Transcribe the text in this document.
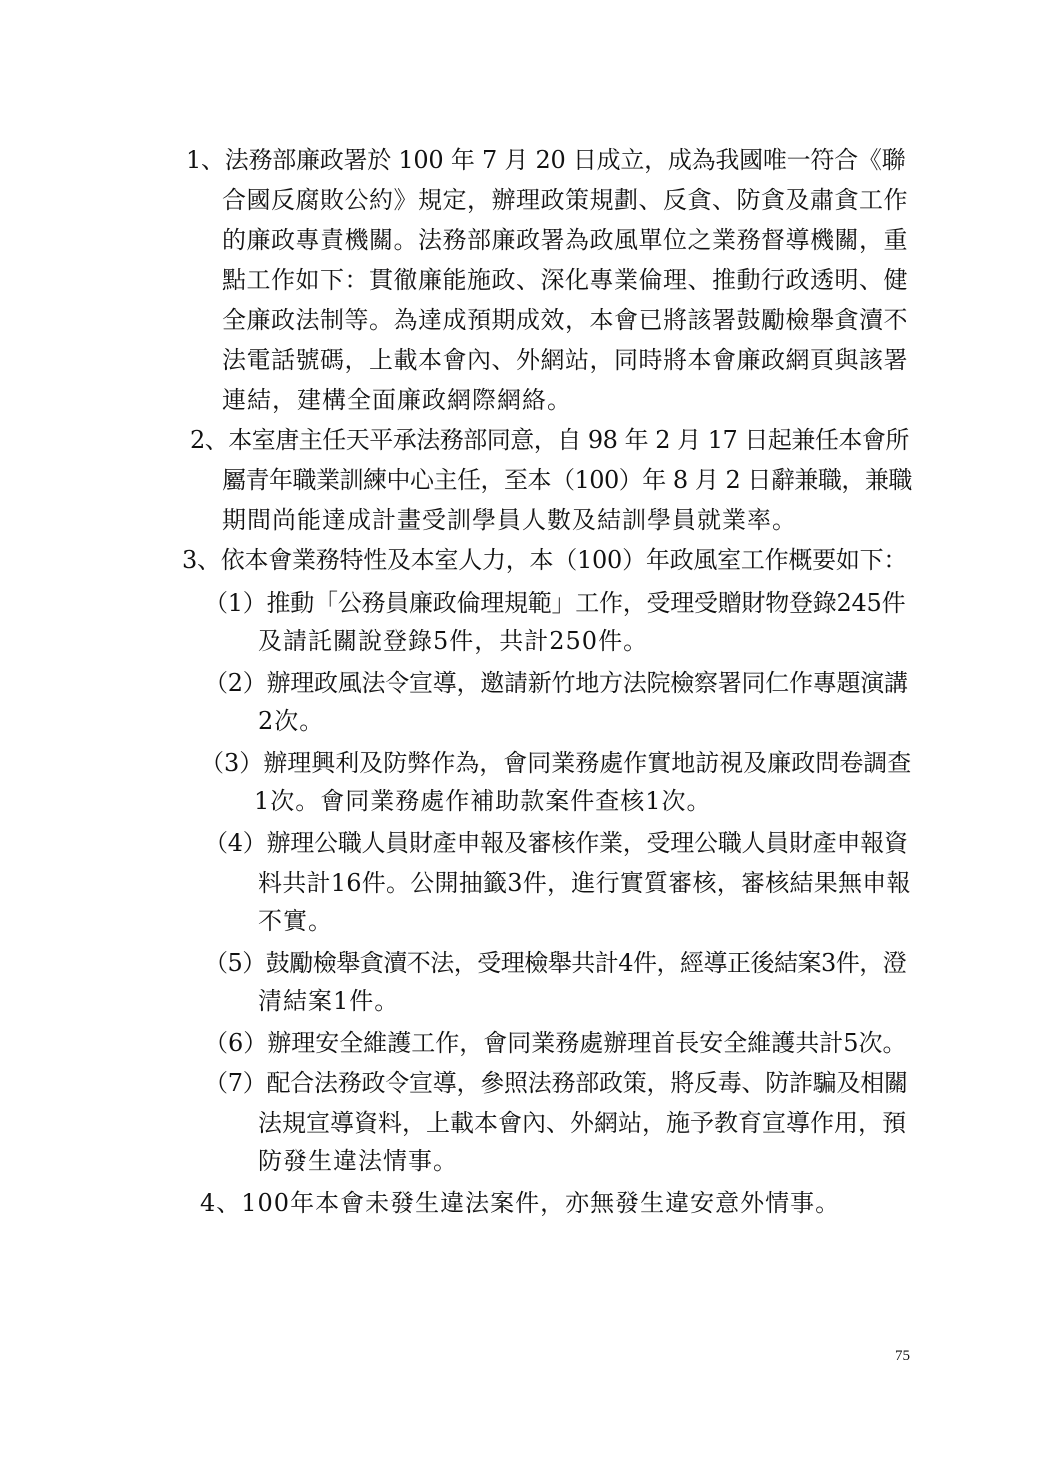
1、法務部廉政署於 100 年 7 月 20 日成立，成為我國唯一符合《聯
合國反腐敗公約》規定，辦理政策規劃、反貪、防貪及肅貪工作
的廉政專責機關。法務部廉政署為政風單位之業務督導機關，重
點工作如下：貫徹廉能施政、深化專業倫理、推動行政透明、健
全廉政法制等。為達成預期成效，本會已將該署鼓勵檢舉貪瀆不
法電話號碼，上載本會內、外網站，同時將本會廉政網頁與該署
連結，建構全面廉政網際網絡。
2、本室唐主任天平承法務部同意，自 98 年 2 月 17 日起兼任本會所
屬青年職業訓練中心主任，至本（100）年 8 月 2 日辭兼職，兼職
期間尚能達成計畫受訓學員人數及結訓學員就業率。
3、依本會業務特性及本室人力，本（100）年政風室工作概要如下：
（1）推動「公務員廉政倫理規範」工作，受理受贈財物登錄245件
及請託關說登錄5件，共計250件。
（2）辦理政風法令宣導，邀請新竹地方法院檢察署同仁作專題演講
2次。
（3）辦理興利及防弊作為，會同業務處作實地訪視及廉政問卷調查
1次。會同業務處作補助款案件查核1次。
（4）辦理公職人員財產申報及審核作業，受理公職人員財產申報資
料共計16件。公開抽籤3件，進行實質審核，審核結果無申報
不實。
（5）鼓勵檢舉貪瀆不法，受理檢舉共計4件，經導正後結案3件，澄
清結案1件。
（6）辦理安全維護工作，會同業務處辦理首長安全維護共計5次。
（7）配合法務政令宣導，參照法務部政策，將反毒、防詐騙及相關
法規宣導資料，上載本會內、外網站，施予教育宣導作用，預
防發生違法情事。
4、100年本會未發生違法案件，亦無發生違安意外情事。
75
